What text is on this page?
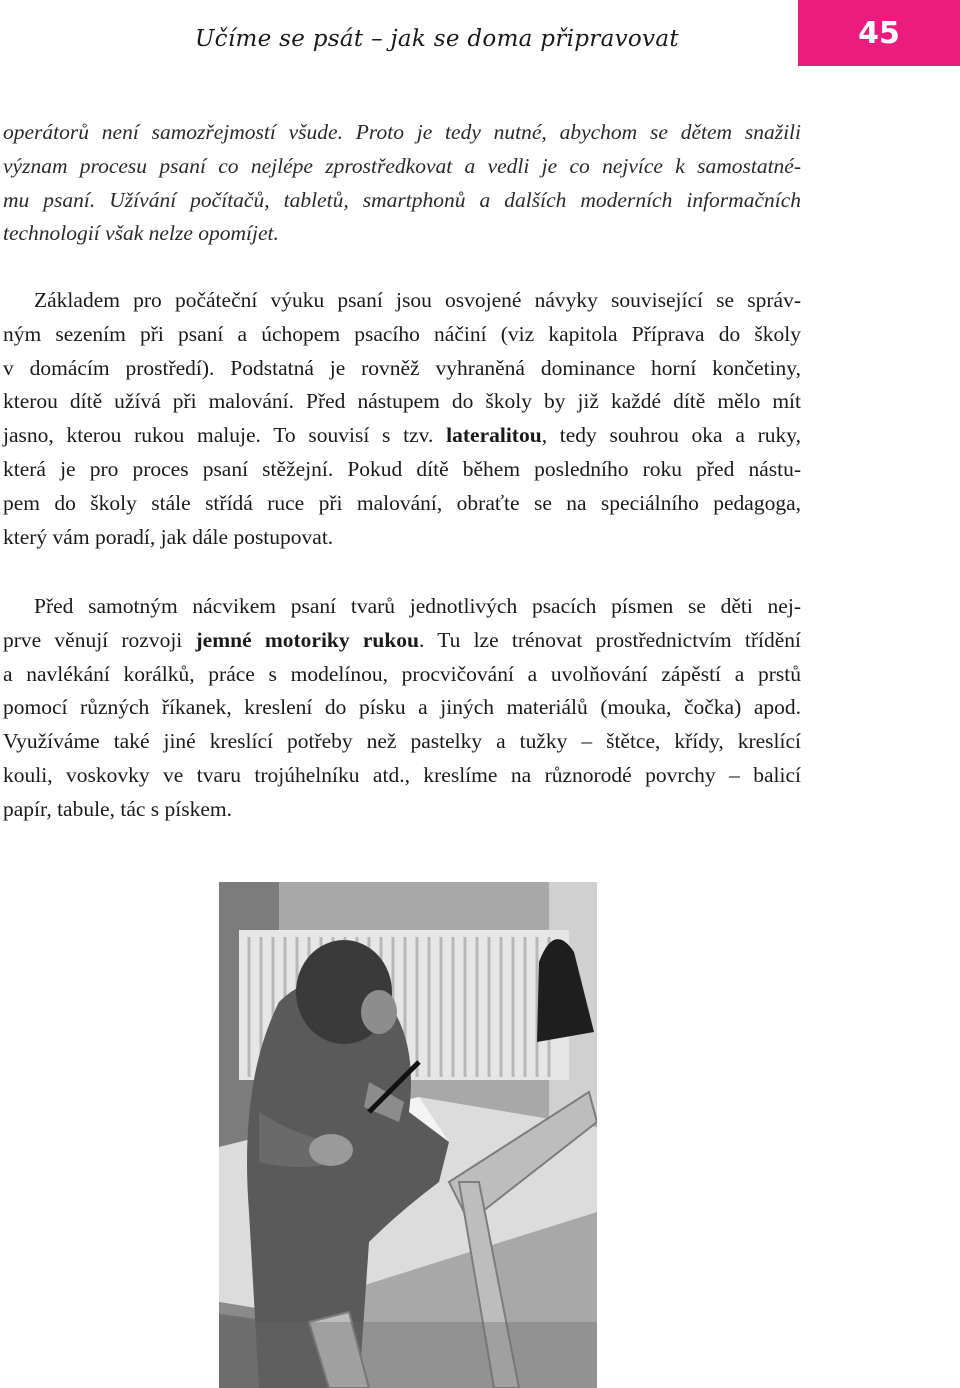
Učíme se psát – jak se doma připravovat	45
operátorů není samozřejmostí všude. Proto je tedy nutné, abychom se dětem snažili
význam procesu psaní co nejlépe zprostředkovat a vedli je co nejvíce k samostatné-
mu psaní. Užívání počítačů, tabletů, smartphonů a dalších moderních informačních
technologií však nelze opomíjet.
Základem pro počáteční výuku psaní jsou osvojené návyky související se správ-
ným sezením při psaní a úchopem psacího náčiní (viz kapitola Příprava do školy
v domácím prostředí). Podstatná je rovněž vyhraněná dominance horní končetiny,
kterou dítě užívá při malování. Před nástupem do školy by již každé dítě mělo mít
jasno, kterou rukou maluje. To souvisí s tzv. lateralitou, tedy souhrou oka a ruky,
která je pro proces psaní stěžejní. Pokud dítě během posledního roku před nástu-
pem do školy stále střídá ruce při malování, obraťte se na speciálního pedagoga,
který vám poradí, jak dále postupovat.
Před samotným nácvikem psaní tvarů jednotlivých psacích písmen se děti nej-
prve věnují rozvoji jemné motoriky rukou. Tu lze trénovat prostřednictvím třídění
a navlékání korálků, práce s modelínou, procvičování a uvolňování zápěstí a prstů
pomocí různých říkanek, kreslení do písku a jiných materiálů (mouka, čočka) apod.
Využíváme také jiné kreslící potřeby než pastelky a tužky – štětce, křídy, kreslící
kouli, voskovky ve tvaru trojúhelníku atd., kreslíme na různorodé povrchy – balicí
papír, tabule, tác s pískem.
